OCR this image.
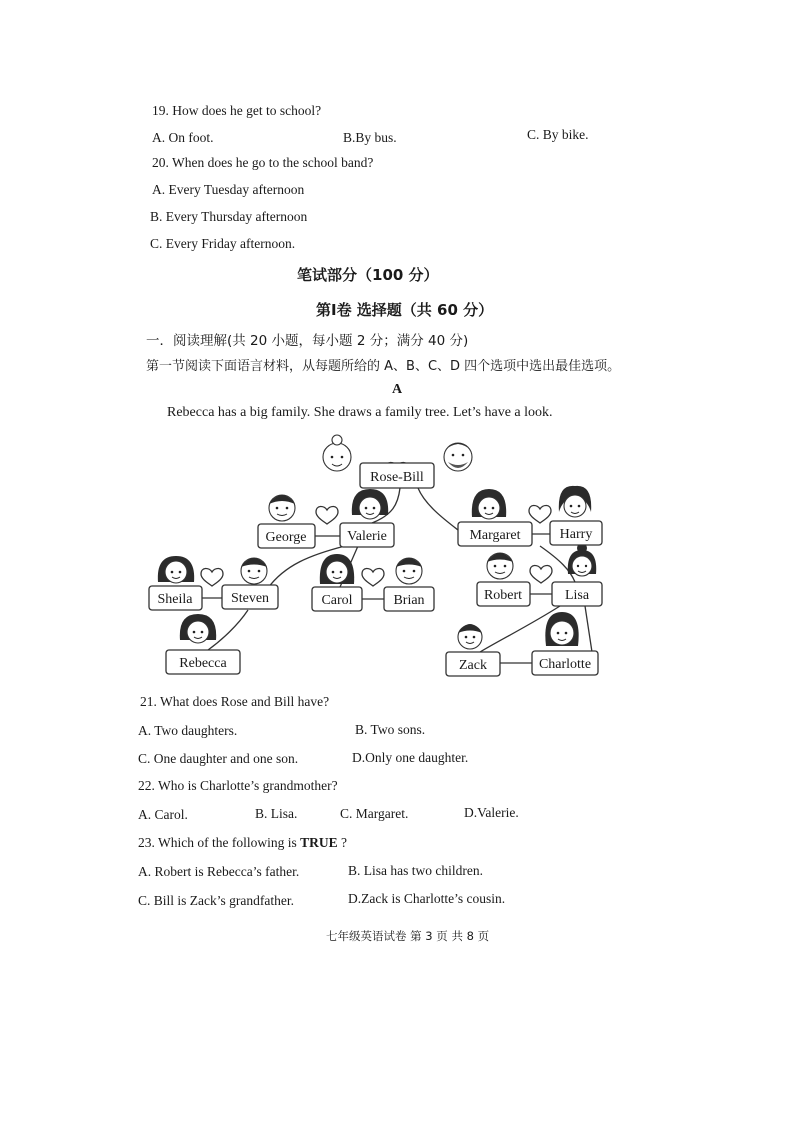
19. How does he get to school?
A. On foot.	B.By bus.	C. By bike.
20. When does he go to the school band?
A. Every Tuesday afternoon
B. Every Thursday afternoon
C. Every Friday afternoon.
笔试部分（100 分）
第Ⅰ卷 选择题（共 60 分）
一．阅读理解(共 20 小题，每小题 2 分；满分 40 分)
第一节阅读下面语言材料，从每题所给的 A、B、C、D 四个选项中选出最佳选项。
A
Rebecca has a big family. She draws a family tree. Let’s have a look.
Rose-Bill
George	Valerie	Margaret	Harry
Sheila	Steven	Carol	Brian	Robert	Lisa
Rebecca	Zack	Charlotte
21. What does Rose and Bill have?
A. Two daughters.	B. Two sons.
C. One daughter and one son.	D.Only one daughter.
22. Who is Charlotte’s grandmother?
A. Carol.	B. Lisa.	C. Margaret.	D.Valerie.
23. Which of the following is TRUE ?
A. Robert is Rebecca’s father.	B. Lisa has two children.
C. Bill is Zack’s grandfather.	D.Zack is Charlotte’s cousin.
七年级英语试卷 第 3 页 共 8 页
